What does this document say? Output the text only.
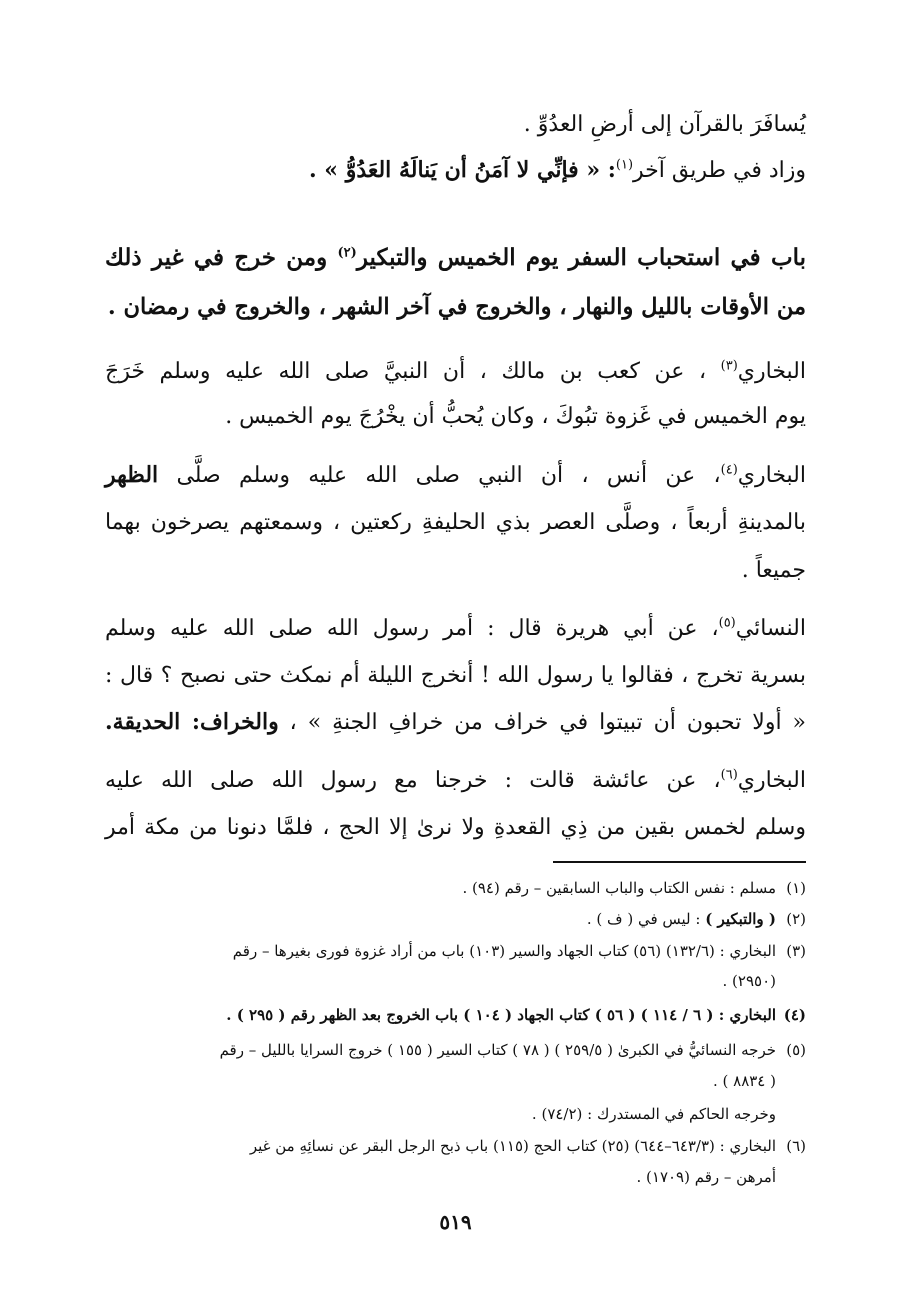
يُسافَرَ بالقرآن إلى أرضِ العدُوِّ .
وزاد في طريق آخر$^{(١)}$: « فإنِّي لا آمَنُ أن يَنالَهُ العَدُوُّ » .
باب في استحباب السفر يوم الخميس والتبكير$^{(٢)}$ ومن خرج في غير ذلك
من الأوقات بالليل والنهار ، والخروج في آخر الشهر ، والخروج في رمضان .
البخاري$^{(٣)}$ ، عن كعب بن مالك ، أن النبيَّ صلى الله عليه وسلم خَرَجَ
يوم الخميس في غَزوة تبُوكَ ، وكان يُحبُّ أن يخْرُجَ يوم الخميس .
البخاري$^{(٤)}$، عن أنس ، أن النبي صلى الله عليه وسلم صلَّى الظهر
بالمدينةِ أربعاً ، وصلَّى العصر بذي الحليفةِ ركعتين ، وسمعتهم يصرخون بهما
جميعاً .
النسائي$^{(٥)}$، عن أبي هريرة قال : أمر رسول الله صلى الله عليه وسلم
بسرية تخرج ، فقالوا يا رسول الله ! أنخرج الليلة أم نمكث حتى نصبح ؟ قال :
« أولا تحبون أن تبيتوا في خراف من خرافِ الجنةِ » ، والخراف: الحديقة.
البخاري$^{(٦)}$، عن عائشة قالت : خرجنا مع رسول الله صلى الله عليه
وسلم لخمس بقين من ذِي القعدةِ ولا نرىٰ إلا الحج ، فلمَّا دنونا من مكة أمر
(١)مسلم : نفس الكتاب والباب السابقين – رقم (٩٤) .
(٢)( والتبكير ) : ليس في ( ف ) .
(٣)البخاري : (١٣٢/٦) (٥٦) كتاب الجهاد والسير (١٠٣) باب من أراد غزوة فورى بغيرها – رقم
(٢٩٥٠) .
(٤)البخاري : ( ٦ / ١١٤ ) ( ٥٦ ) كتاب الجهاد ( ١٠٤ ) باب الخروج بعد الظهر رقم ( ٢٩٥ ) .
(٥)خرجه النسائيُّ في الكبرىٰ ( ٢٥٩/٥ ) ( ٧٨ ) كتاب السير ( ١٥٥ ) خروج السرايا بالليل – رقم
( ٨٨٣٤ ) .
وخرجه الحاكم في المستدرك : (٧٤/٢) .
(٦)البخاري : (٦٤٣/٣–٦٤٤) (٢٥) كتاب الحج (١١٥) باب ذبح الرجل البقر عن نسائِهِ من غير
أمرهن – رقم (١٧٠٩) .
٥١٩
